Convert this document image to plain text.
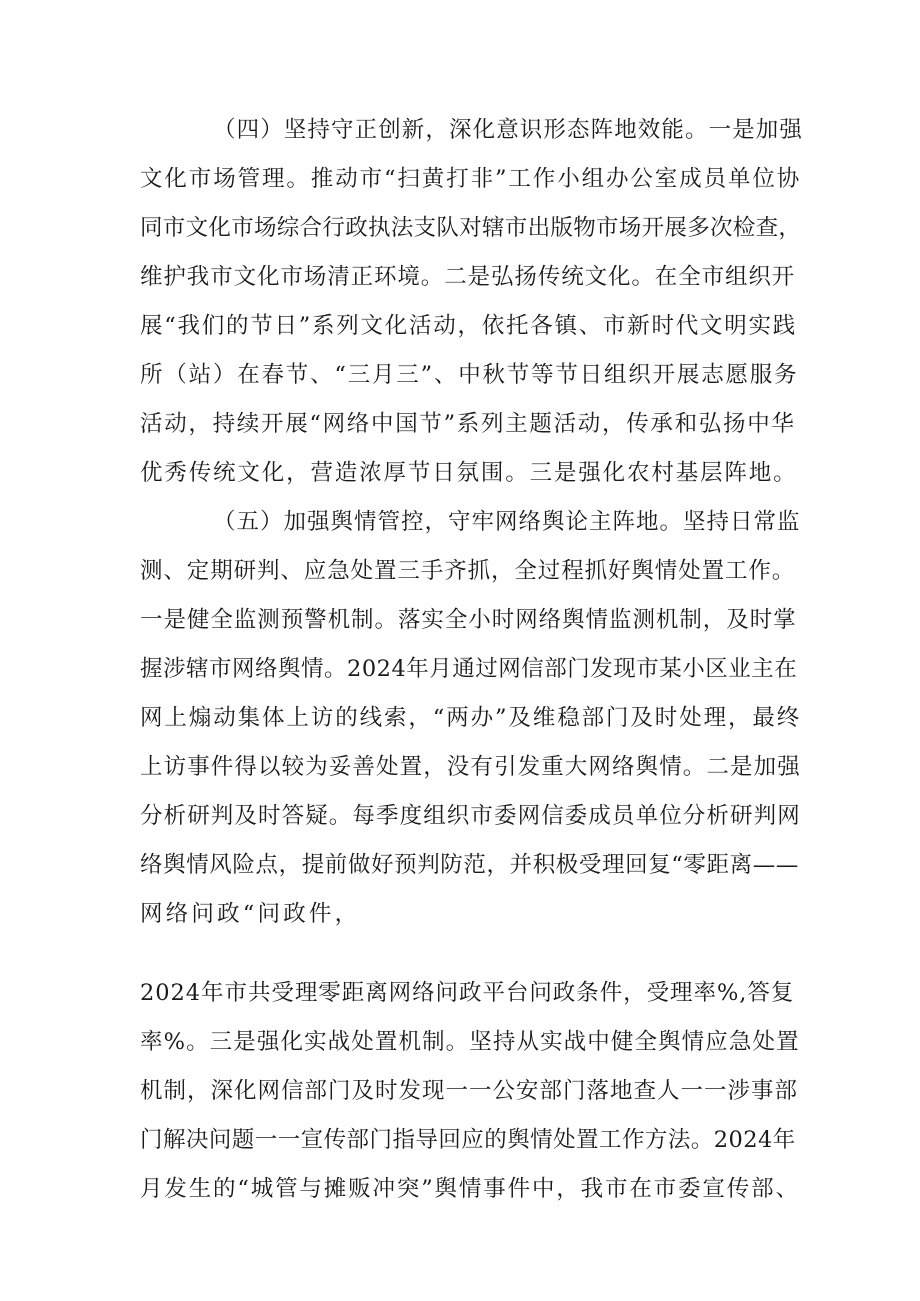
（四）坚持守正创新，深化意识形态阵地效能。一是加强
文化市场管理。推动市“扫黄打非”工作小组办公室成员单位协
同市文化市场综合行政执法支队对辖市出版物市场开展多次检查，
维护我市文化市场清正环境。二是弘扬传统文化。在全市组织开
展“我们的节日”系列文化活动，依托各镇、市新时代文明实践
所（站）在春节、“三月三”、中秋节等节日组织开展志愿服务
活动，持续开展“网络中国节”系列主题活动，传承和弘扬中华
优秀传统文化，营造浓厚节日氛围。三是强化农村基层阵地。
（五）加强舆情管控，守牢网络舆论主阵地。坚持日常监
测、定期研判、应急处置三手齐抓，全过程抓好舆情处置工作。
一是健全监测预警机制。落实全小时网络舆情监测机制，及时掌
握涉辖市网络舆情。2024年月通过网信部门发现市某小区业主在
网上煽动集体上访的线索，“两办”及维稳部门及时处理，最终
上访事件得以较为妥善处置，没有引发重大网络舆情。二是加强
分析研判及时答疑。每季度组织市委网信委成员单位分析研判网
络舆情风险点，提前做好预判防范，并积极受理回复“零距离——
网络问政“问政件，
2024年市共受理零距离网络问政平台问政条件，受理率%,答复
率%。三是强化实战处置机制。坚持从实战中健全舆情应急处置
机制，深化网信部门及时发现一一公安部门落地查人一一涉事部
门解决问题一一宣传部门指导回应的舆情处置工作方法。2024年
月发生的“城管与摊贩冲突”舆情事件中，我市在市委宣传部、
